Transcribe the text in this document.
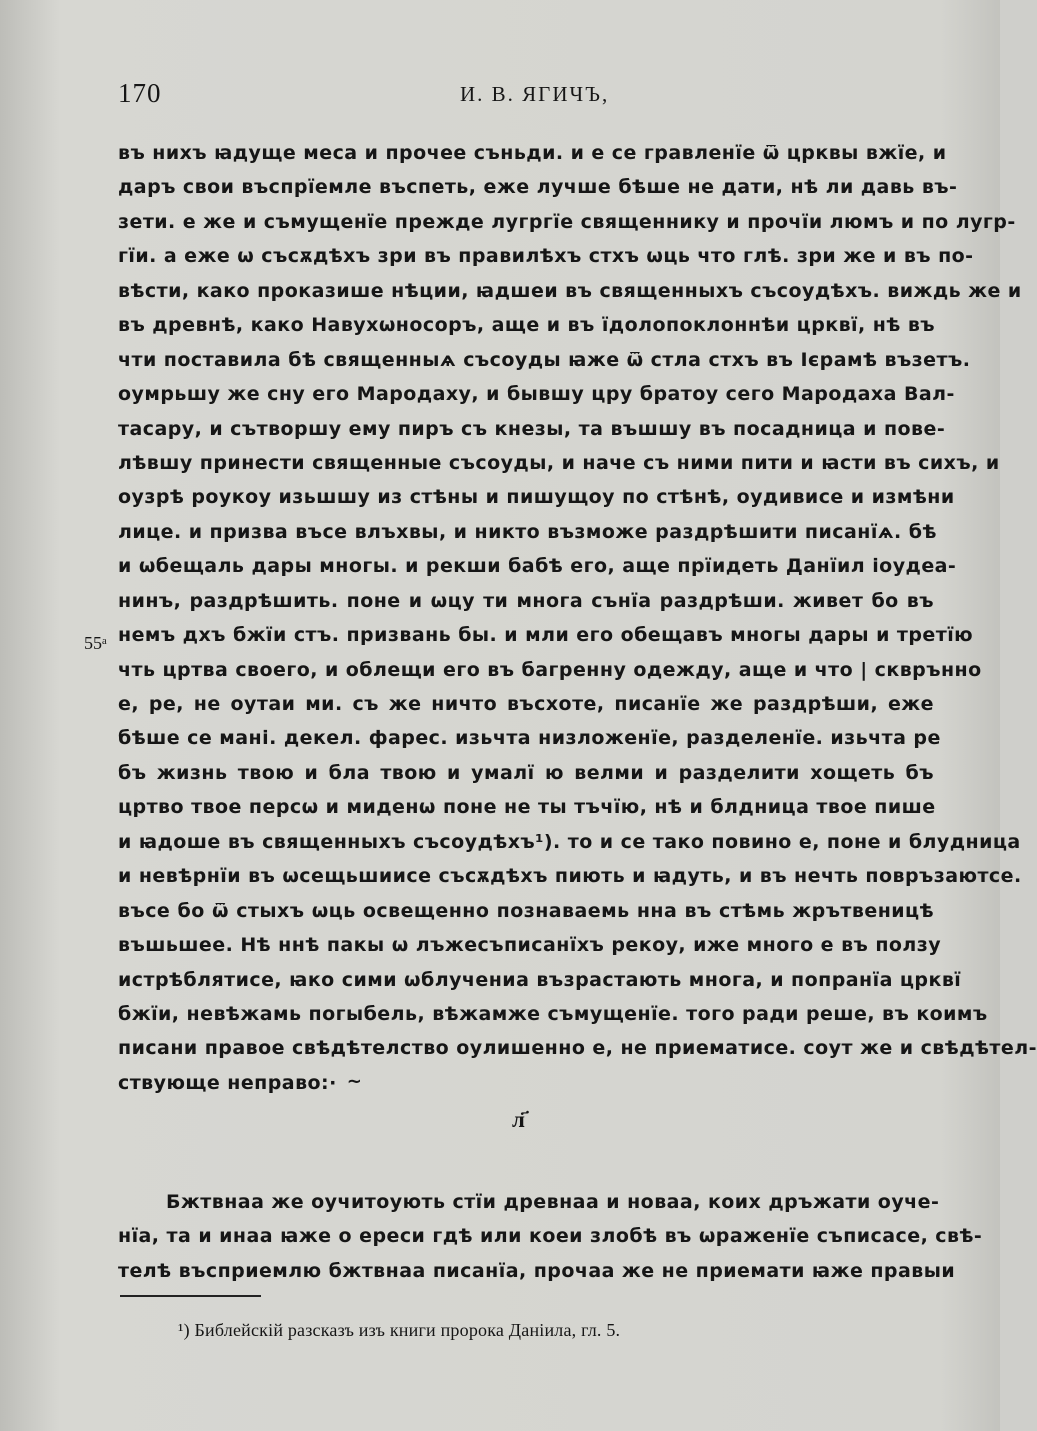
170	И. В. ЯГИЧЪ,
55ᵃ
въ нихъ ꙗдуще меса и прочее съньди. и е се гравленїе ѿ црквы вжїе, и
даръ свои въспрїемле въспеть, еже лучше бѣше не дати, нѣ ли давь въ-
зети. е же и съмущенїе прежде лугргїе священнику и прочїи люмъ и по лугр-
гїи. а еже ѡ съсѫдѣхъ зри въ правилѣхъ стхъ ѡць что глѣ. зри же и въ по-
вѣсти, како проказише нѣции, ꙗдшеи въ священныхъ съсоудѣхъ. виждь же и
въ древнѣ, како Навухѡносоръ, аще и въ їдолопоклоннѣи црквї, нѣ въ
чти поставила бѣ священныѧ съсоуды ꙗже ѿ стла стхъ въ Ієрамѣ възетъ.
оумрьшу же сну его Мародаху, и бывшу цру братоу сего Мародаха Вал-
тасару, и сътворшу ему пиръ съ кнезы, та въшшу въ посадница и пове-
лѣвшу принести священные съсоуды, и наче съ ними пити и ꙗсти въ сихъ, и
оузрѣ роукоу изьшшу из стѣны и пишущоу по стѣнѣ, оудивисе и измѣни
лице. и призва въсе влъхвы, и никто възможе раздрѣшити писанїѧ. бѣ
и ѡбещаль дары многы. и рекши бабѣ его, аще прїидеть Данїил іоудеа-
нинъ, раздрѣшить. поне и ѡцу ти многа сънїа раздрѣши. живет бо въ
немъ дхъ бжїи стъ. призвань бы. и мли его обещавъ многы дары и третїю
чть цртва своего, и облещи его въ багренну одежду, аще и что | скврънно
е, ре, не оутаи ми. съ же ничто въсхоте, писанїе же раздрѣши, еже
бѣше се мані. декел. фарес. изьчта низложенїе, разделенїе. изьчта ре
бъ жизнь твою и бла твою и умалї ю велми и разделити хощеть бъ
цртво твое персѡ и миденѡ поне не ты тъчїю, нѣ и блдница твое пише
и ꙗдоше въ священныхъ съсоудѣхъ¹). то и се тако повино е, поне и блудница
и невѣрнїи въ ѡсещьшиисе съсѫдѣхъ пиють и ꙗдуть, и въ нечть повръзаютсе.
въсе бо ѿ стыхъ ѡць освещенно познаваемь нна въ стѣмь жрътвеницѣ
въшьшее. Нѣ ннѣ пакы ѡ лъжесъписанїхъ рекоу, иже много е въ ползу
истрѣблятисе, ꙗко сими ѡблучениа възрастають многа, и попранїа црквї
бжїи, невѣжамь погыбель, вѣжамже съмущенїе. того ради реше, въ коимъ
писани правое свѣдѣтелство оулишенно е, не приематисе. соут же и свѣдѣтел-
ствующе неправо:· ∼
л҃
Бжтвнаа же оучитоують стїи древнаа и новаа, коих дръжати оуче-
нїа, та и инаа ꙗже о ереси гдѣ или коеи злобѣ въ ѡраженїе съписасе, свѣ-
телѣ въсприемлю бжтвнаа писанїа, прочаа же не приемати ꙗже правыи
¹) Библейскій разсказъ изъ книги пророка Даніила, гл. 5.
